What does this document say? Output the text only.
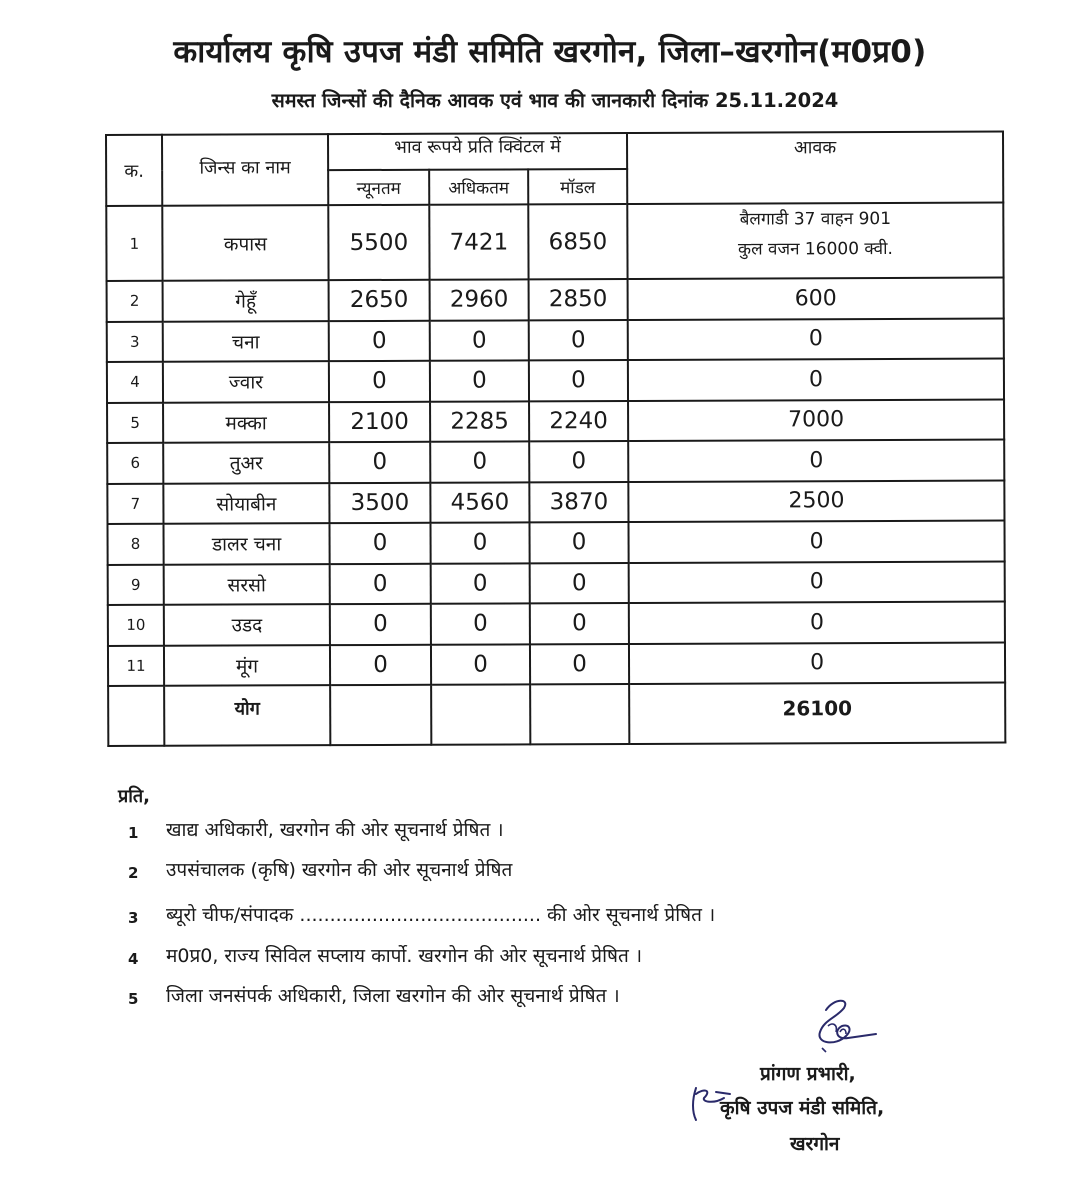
कार्यालय कृषि उपज मंडी समिति खरगोन, जिला–खरगोन(म0प्र0)
समस्त जिन्सों की दैनिक आवक एवं भाव की जानकारी दिनांक 25.11.2024
क.	जिन्स का नाम	भाव रूपये प्रति क्विंटल में			आवक
		न्यूनतम	अधिकतम	मॉडल	
1	कपास	5500	7421	6850	बैलगाडी 37 वाहन 901
कुल वजन 16000 क्वी.

2	गेहूँ	2650	2960	2850	600
3	चना	0	0	0	0
4	ज्वार	0	0	0	0
5	मक्का	2100	2285	2240	7000
6	तुअर	0	0	0	0
7	सोयाबीन	3500	4560	3870	2500
8	डालर चना	0	0	0	0
9	सरसो	0	0	0	0
10	उडद	0	0	0	0
11	मूंग	0	0	0	0
	योग				26100
प्रति,
1 खाद्य अधिकारी, खरगोन की ओर सूचनार्थ प्रेषित ।
2 उपसंचालक (कृषि) खरगोन की ओर सूचनार्थ प्रेषित
3 ब्यूरो चीफ/संपादक ........................................ की ओर सूचनार्थ प्रेषित ।
4 म0प्र0, राज्य सिविल सप्लाय कार्पो. खरगोन की ओर सूचनार्थ प्रेषित ।
5 जिला जनसंपर्क अधिकारी, जिला खरगोन की ओर सूचनार्थ प्रेषित ।
प्रांगण प्रभारी,
कृषि उपज मंडी समिति,
खरगोन
